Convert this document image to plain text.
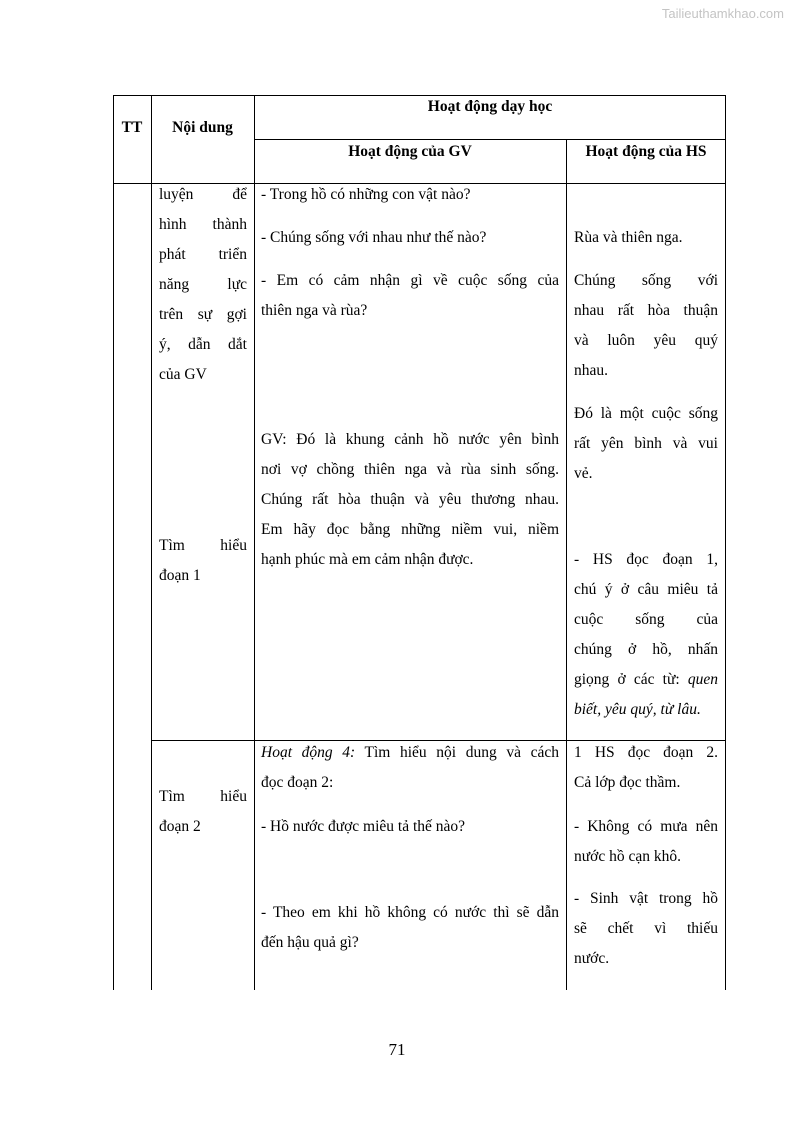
Tailieuthamkhao.com
TT	Nội dung
Hoạt động dạy học
Hoạt động của GV	Hoạt động của HS
luyện để
hình thành
phát triển
năng lực
trên sự gợi
ý, dẫn dắt
của GV
Tìm hiểu
đoạn 1
- Trong hồ có những con vật nào?
- Chúng sống với nhau như thế nào?
- Em có cảm nhận gì về cuộc sống của
thiên nga và rùa?
GV: Đó là khung cảnh hồ nước yên bình
nơi vợ chồng thiên nga và rùa sinh sống.
Chúng rất hòa thuận và yêu thương nhau.
Em hãy đọc bằng những niềm vui, niềm
hạnh phúc mà em cảm nhận được.
Rùa và thiên nga.
Chúng sống với
nhau rất hòa thuận
và luôn yêu quý
nhau.
Đó là một cuộc sống
rất yên bình và vui
vẻ.
- HS đọc đoạn 1,
chú ý ở câu miêu tả
cuộc sống của
chúng ở hồ, nhấn
giọng ở các từ: quen
biết, yêu quý, từ lâu.
Tìm hiểu
đoạn 2
Hoạt động 4: Tìm hiểu nội dung và cách
đọc đoạn 2:
- Hồ nước được miêu tả thế nào?
- Theo em khi hồ không có nước thì sẽ dẫn
đến hậu quả gì?
1 HS đọc đoạn 2.
Cả lớp đọc thầm.
- Không có mưa nên
nước hồ cạn khô.
- Sinh vật trong hồ
sẽ chết vì thiếu
nước.
71
